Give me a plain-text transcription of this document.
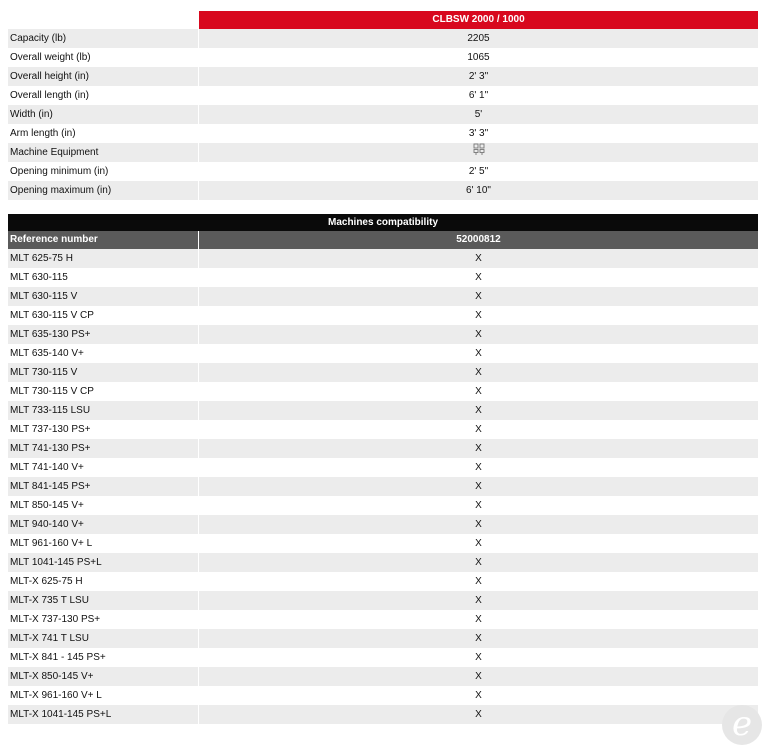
CLBSW 2000 / 1000
Capacity (lb)	2205
Overall weight (lb)	1065
Overall height (in)	2' 3"
Overall length (in)	6' 1"
Width (in)	5'
Arm length (in)	3' 3"
Machine Equipment
Opening minimum (in)	2' 5"
Opening maximum (in)	6' 10"
Machines compatibility
Reference number	52000812
MLT 625-75 H	X
MLT 630-115	X
MLT 630-115 V	X
MLT 630-115 V CP	X
MLT 635-130 PS+	X
MLT 635-140 V+	X
MLT 730-115 V	X
MLT 730-115 V CP	X
MLT 733-115 LSU	X
MLT 737-130 PS+	X
MLT 741-130 PS+	X
MLT 741-140 V+	X
MLT 841-145 PS+	X
MLT 850-145 V+	X
MLT 940-140 V+	X
MLT 961-160 V+ L	X
MLT 1041-145 PS+L	X
MLT-X 625-75 H	X
MLT-X 735 T LSU	X
MLT-X 737-130 PS+	X
MLT-X 741 T LSU	X
MLT-X 841 - 145 PS+	X
MLT-X 850-145 V+	X
MLT-X 961-160 V+ L	X
MLT-X 1041-145 PS+L	X	e
